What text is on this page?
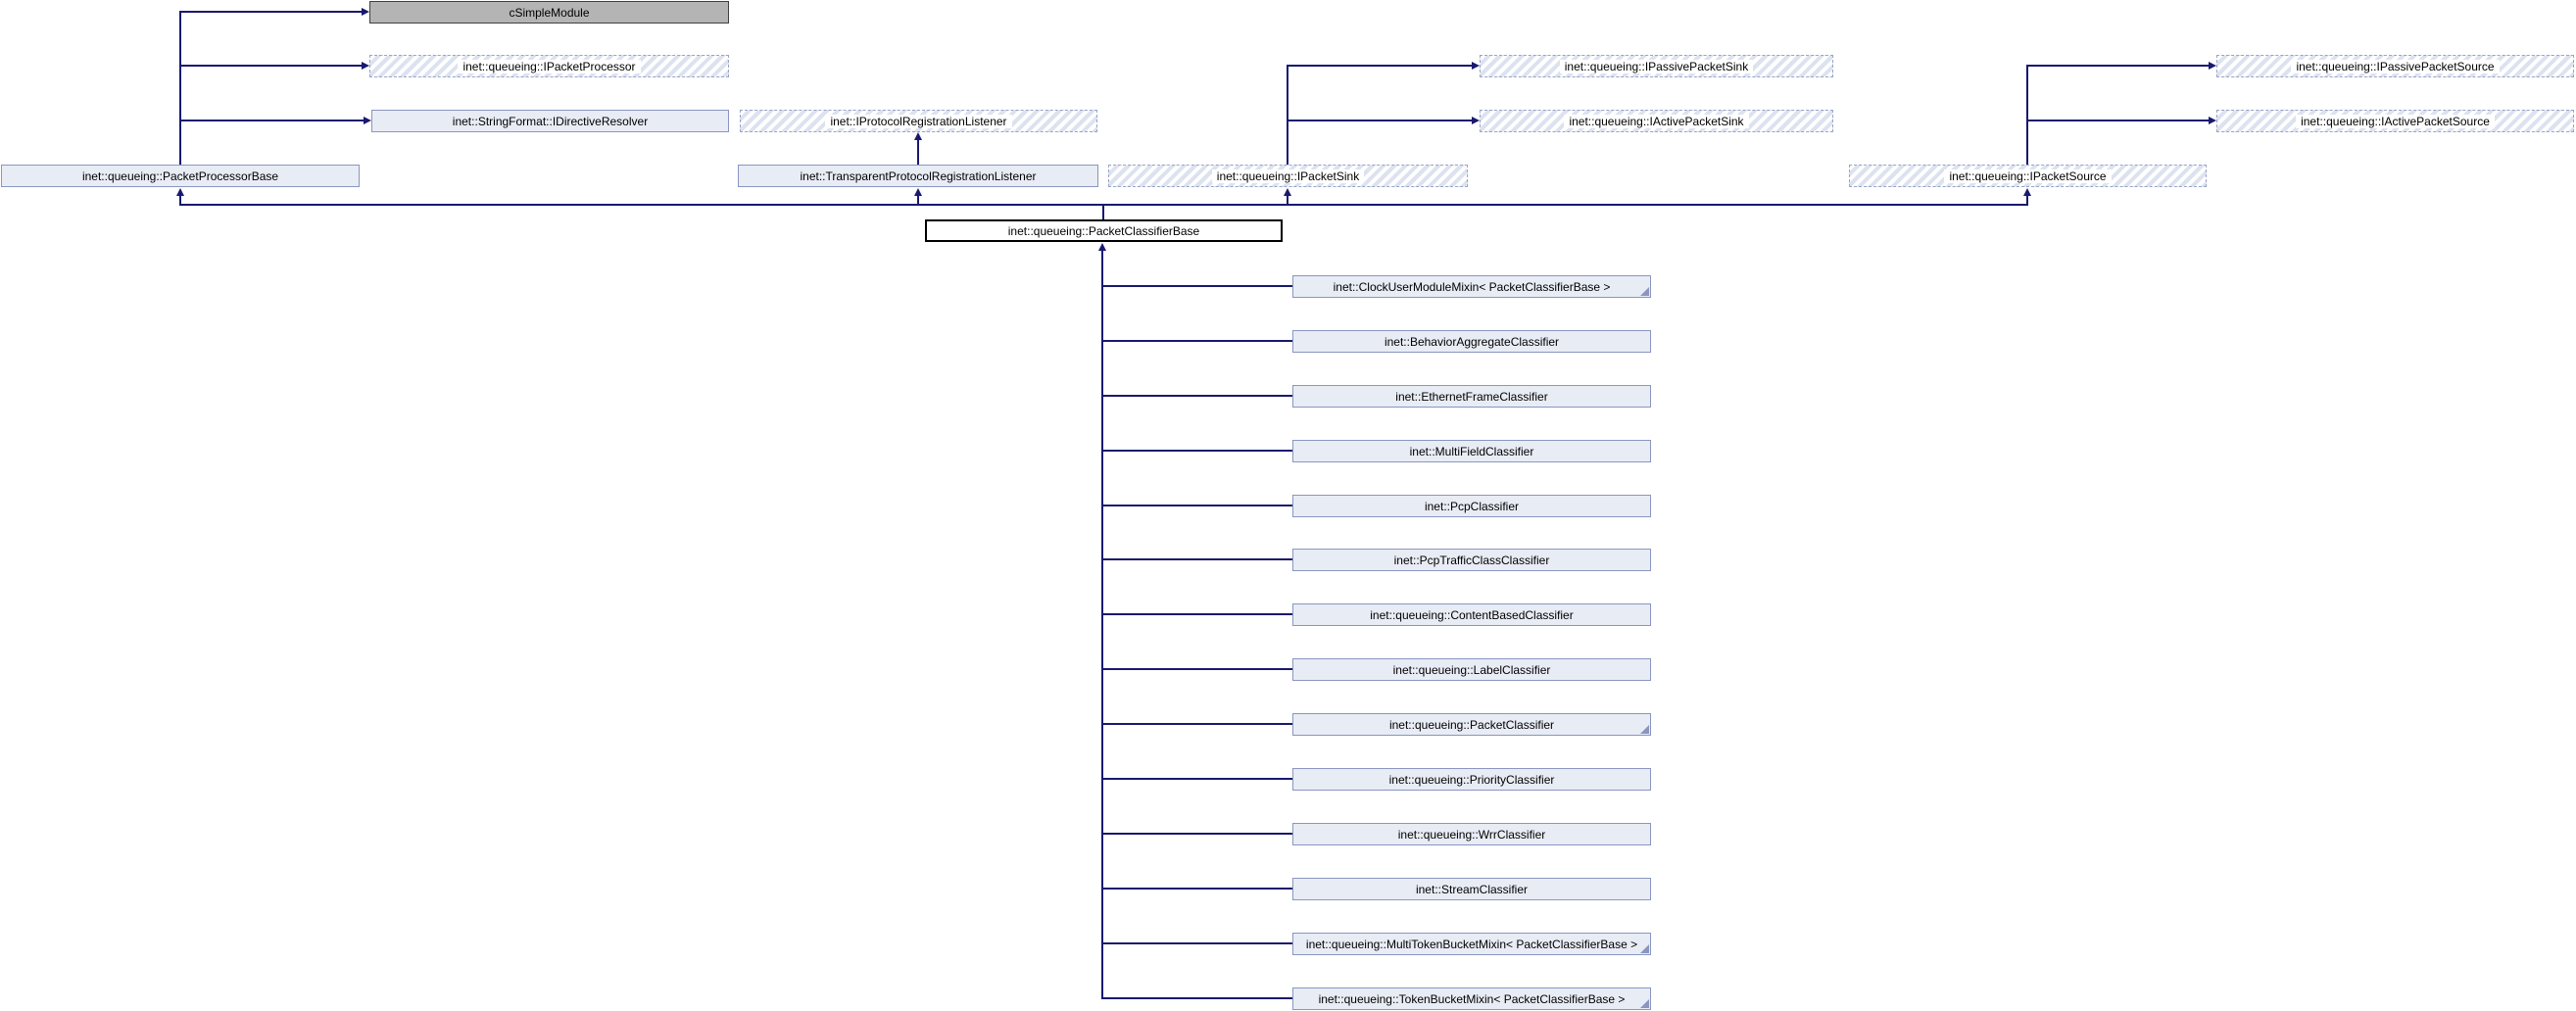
cSimpleModule
inet::queueing::IPacketProcessor	inet::queueing::IPassivePacketSink	inet::queueing::IPassivePacketSource
inet::StringFormat::IDirectiveResolver	inet::IProtocolRegistrationListener	inet::queueing::IActivePacketSink	inet::queueing::IActivePacketSource
inet::queueing::PacketProcessorBase	inet::TransparentProtocolRegistrationListener	inet::queueing::IPacketSink	inet::queueing::IPacketSource
inet::queueing::PacketClassifierBase
inet::ClockUserModuleMixin< PacketClassifierBase >
inet::BehaviorAggregateClassifier
inet::EthernetFrameClassifier
inet::MultiFieldClassifier
inet::PcpClassifier
inet::PcpTrafficClassClassifier
inet::queueing::ContentBasedClassifier
inet::queueing::LabelClassifier
inet::queueing::PacketClassifier
inet::queueing::PriorityClassifier
inet::queueing::WrrClassifier
inet::StreamClassifier
inet::queueing::MultiTokenBucketMixin< PacketClassifierBase >
inet::queueing::TokenBucketMixin< PacketClassifierBase >
